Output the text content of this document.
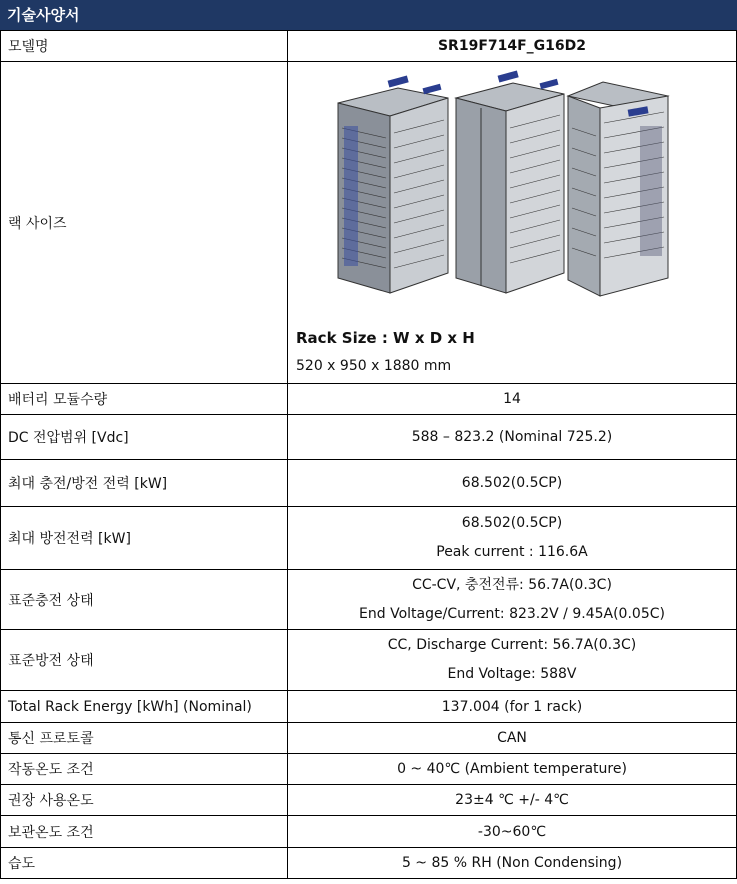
기술사양서
모델명	SR19F714F_G16D2
랙 사이즈	Rack Size : W x D x H
520 x 950 x 1880 mm

배터리 모듈수량	14
DC 전압범위 [Vdc]	588 – 823.2 (Nominal 725.2)
최대 충전/방전 전력 [kW]	68.502(0.5CP)
최대 방전전력 [kW]	68.502(0.5CP)
Peak current : 116.6A

표준충전 상태	CC-CV, 충전전류: 56.7A(0.3C)
End Voltage/Current: 823.2V / 9.45A(0.05C)

표준방전 상태	CC, Discharge Current: 56.7A(0.3C)
End Voltage: 588V

Total Rack Energy [kWh] (Nominal)	137.004 (for 1 rack)
통신 프로토콜	CAN
작동온도 조건	0 ~ 40℃ (Ambient temperature)
권장 사용온도	23±4 ℃ +/- 4℃
보관온도 조건	-30~60℃
습도	5 ~ 85 % RH (Non Condensing)
